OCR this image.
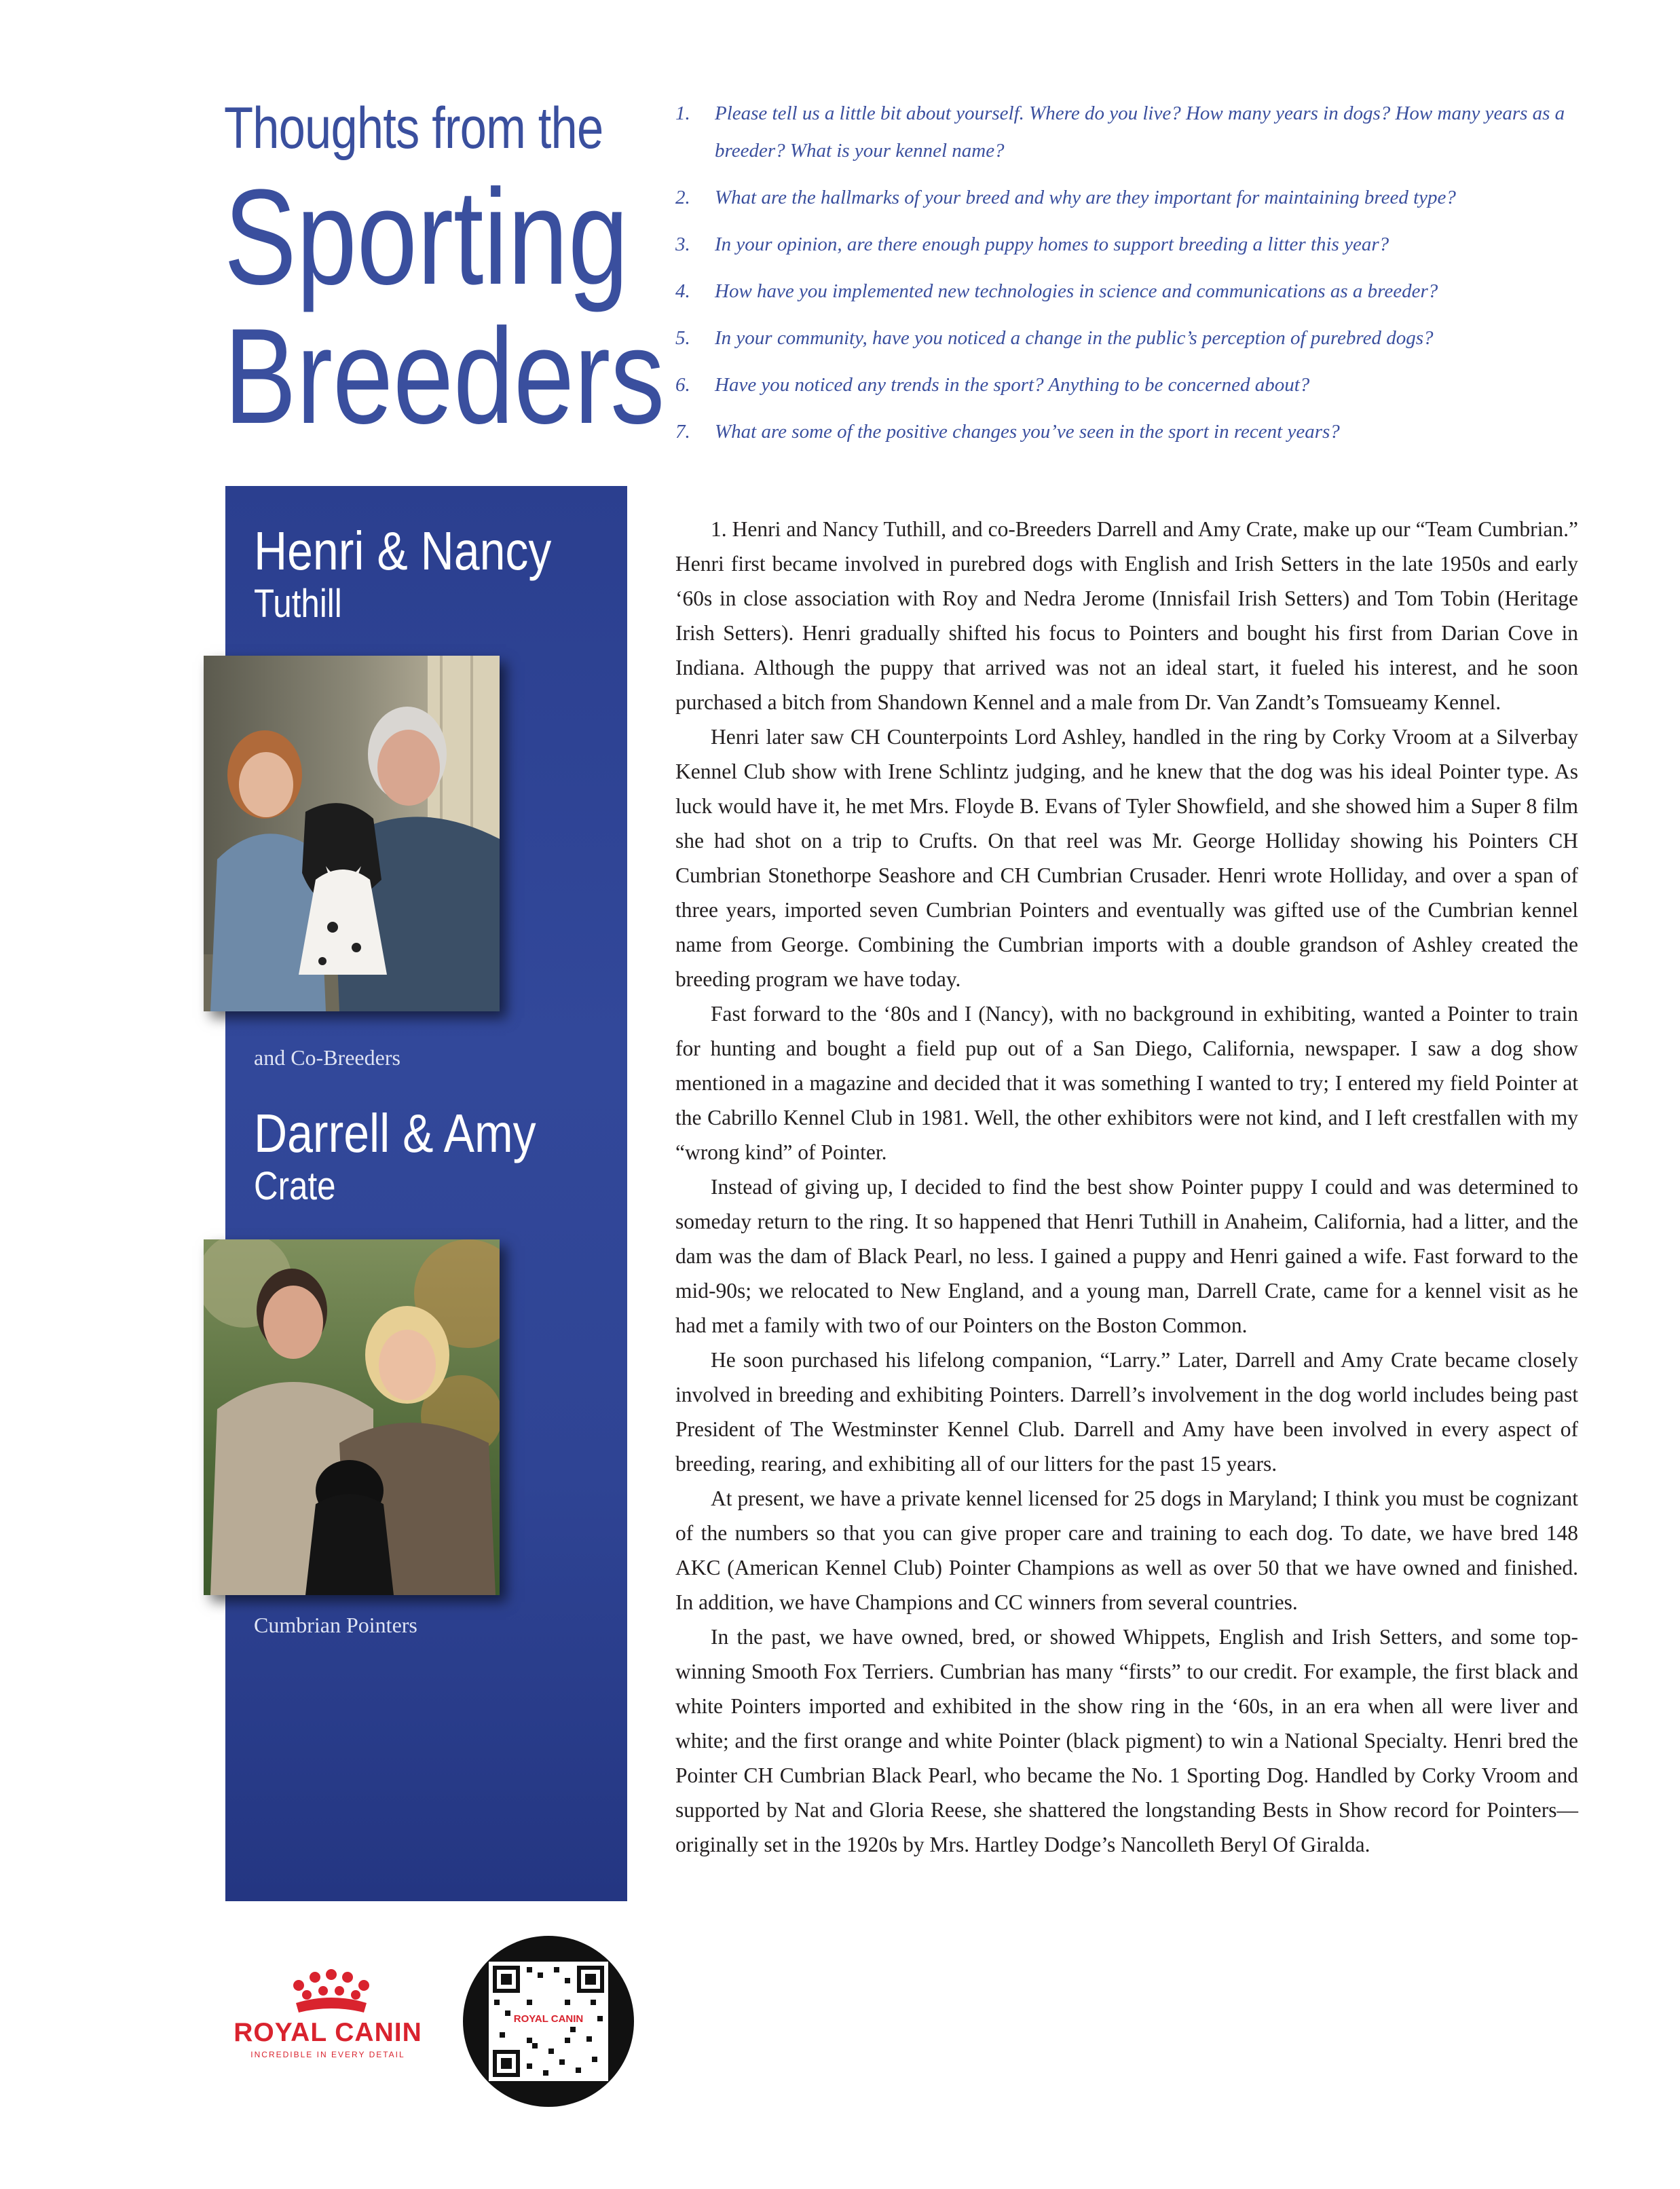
Thoughts from the
Sporting
Breeders
1. Please tell us a little bit about yourself. Where do you live? How many years in dogs? How many years as a breeder? What is your kennel name?
2. What are the hallmarks of your breed and why are they important for maintaining breed type?
3. In your opinion, are there enough puppy homes to support breeding a litter this year?
4. How have you implemented new technologies in science and communications as a breeder?
5. In your community, have you noticed a change in the public’s perception of purebred dogs?
6. Have you noticed any trends in the sport? Anything to be concerned about?
7. What are some of the positive changes you’ve seen in the sport in recent years?
Henri & Nancy
Tuthill
and Co-Breeders
Darrell & Amy
Crate
Cumbrian Pointers

1. Henri and Nancy Tuthill, and co-Breeders Darrell and Amy Crate, make up our “Team Cumbrian.” Henri first became involved in purebred dogs with English and Irish Setters in the late 1950s and early ‘60s in close association with Roy and Nedra Jerome (Innisfail Irish Setters) and Tom Tobin (Heritage Irish Setters). Henri gradually shifted his focus to Pointers and bought his first from Darian Cove in Indiana. Although the puppy that arrived was not an ideal start, it fueled his interest, and he soon purchased a bitch from Shandown Kennel and a male from Dr. Van Zandt’s Tomsueamy Kennel.

Henri later saw CH Counterpoints Lord Ashley, handled in the ring by Corky Vroom at a Silverbay Kennel Club show with Irene Schlintz judging, and he knew that the dog was his ideal Pointer type. As luck would have it, he met Mrs. Floyde B. Evans of Tyler Showfield, and she showed him a Super 8 film she had shot on a trip to Crufts. On that reel was Mr. George Holliday showing his Pointers CH Cumbrian Stonethorpe Seashore and CH Cumbrian Crusader. Henri wrote Holliday, and over a span of three years, imported seven Cumbrian Pointers and eventually was gifted use of the Cumbrian kennel name from George. Combining the Cumbrian imports with a double grandson of Ashley created the breeding program we have today.

Fast forward to the ‘80s and I (Nancy), with no background in exhibiting, wanted a Pointer to train for hunting and bought a field pup out of a San Diego, California, newspaper. I saw a dog show mentioned in a magazine and decided that it was something I wanted to try; I entered my field Pointer at the Cabrillo Kennel Club in 1981. Well, the other exhibitors were not kind, and I left crestfallen with my “wrong kind” of Pointer.

Instead of giving up, I decided to find the best show Pointer puppy I could and was determined to someday return to the ring. It so happened that Henri Tuthill in Anaheim, California, had a litter, and the dam was the dam of Black Pearl, no less. I gained a puppy and Henri gained a wife. Fast forward to the mid-90s; we relocated to New England, and a young man, Darrell Crate, came for a kennel visit as he had met a family with two of our Pointers on the Boston Common.

He soon purchased his lifelong companion, “Larry.” Later, Darrell and Amy Crate became closely involved in breeding and exhibiting Pointers. Darrell’s involvement in the dog world includes being past President of The Westminster Kennel Club. Darrell and Amy have been involved in every aspect of breeding, rearing, and exhibiting all of our litters for the past 15 years.

At present, we have a private kennel licensed for 25 dogs in Maryland; I think you must be cognizant of the numbers so that you can give proper care and training to each dog. To date, we have bred 148 AKC (American Kennel Club) Pointer Champions as well as over 50 that we have owned and finished. In addition, we have Champions and CC winners from several countries.

In the past, we have owned, bred, or showed Whippets, English and Irish Setters, and some top-winning Smooth Fox Terriers. Cumbrian has many “firsts” to our credit. For example, the first black and white Pointers imported and exhibited in the show ring in the ‘60s, in an era when all were liver and white; and the first orange and white Pointer (black pigment) to win a National Specialty. Henri bred the Pointer CH Cumbrian Black Pearl, who became the No. 1 Sporting Dog. Handled by Corky Vroom and supported by Nat and Gloria Reese, she shattered the longstanding Bests in Show record for Pointers—originally set in the 1920s by Mrs. Hartley Dodge’s Nancolleth Beryl Of Giralda.

ROYAL CANIN
INCREDIBLE IN EVERY DETAIL
ROYAL CANIN
